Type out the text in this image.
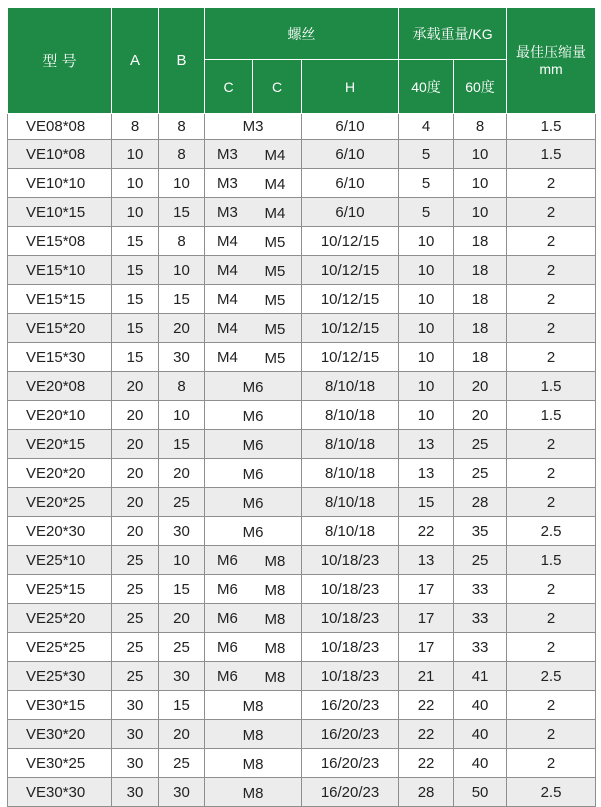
型 号	A	B	螺丝			承载重量/KG		最佳压缩量
mm
			C	C	H	40度	60度	
VE08*08	8	8	M3		6/10	4	8	1.5
VE10*08	10	8	M3	M4	6/10	5	10	1.5
VE10*10	10	10	M3	M4	6/10	5	10	2
VE10*15	10	15	M3	M4	6/10	5	10	2
VE15*08	15	8	M4	M5	10/12/15	10	18	2
VE15*10	15	10	M4	M5	10/12/15	10	18	2
VE15*15	15	15	M4	M5	10/12/15	10	18	2
VE15*20	15	20	M4	M5	10/12/15	10	18	2
VE15*30	15	30	M4	M5	10/12/15	10	18	2
VE20*08	20	8	M6		8/10/18	10	20	1.5
VE20*10	20	10	M6		8/10/18	10	20	1.5
VE20*15	20	15	M6		8/10/18	13	25	2
VE20*20	20	20	M6		8/10/18	13	25	2
VE20*25	20	25	M6		8/10/18	15	28	2
VE20*30	20	30	M6		8/10/18	22	35	2.5
VE25*10	25	10	M6	M8	10/18/23	13	25	1.5
VE25*15	25	15	M6	M8	10/18/23	17	33	2
VE25*20	25	20	M6	M8	10/18/23	17	33	2
VE25*25	25	25	M6	M8	10/18/23	17	33	2
VE25*30	25	30	M6	M8	10/18/23	21	41	2.5
VE30*15	30	15	M8		16/20/23	22	40	2
VE30*20	30	20	M8		16/20/23	22	40	2
VE30*25	30	25	M8		16/20/23	22	40	2
VE30*30	30	30	M8		16/20/23	28	50	2.5
